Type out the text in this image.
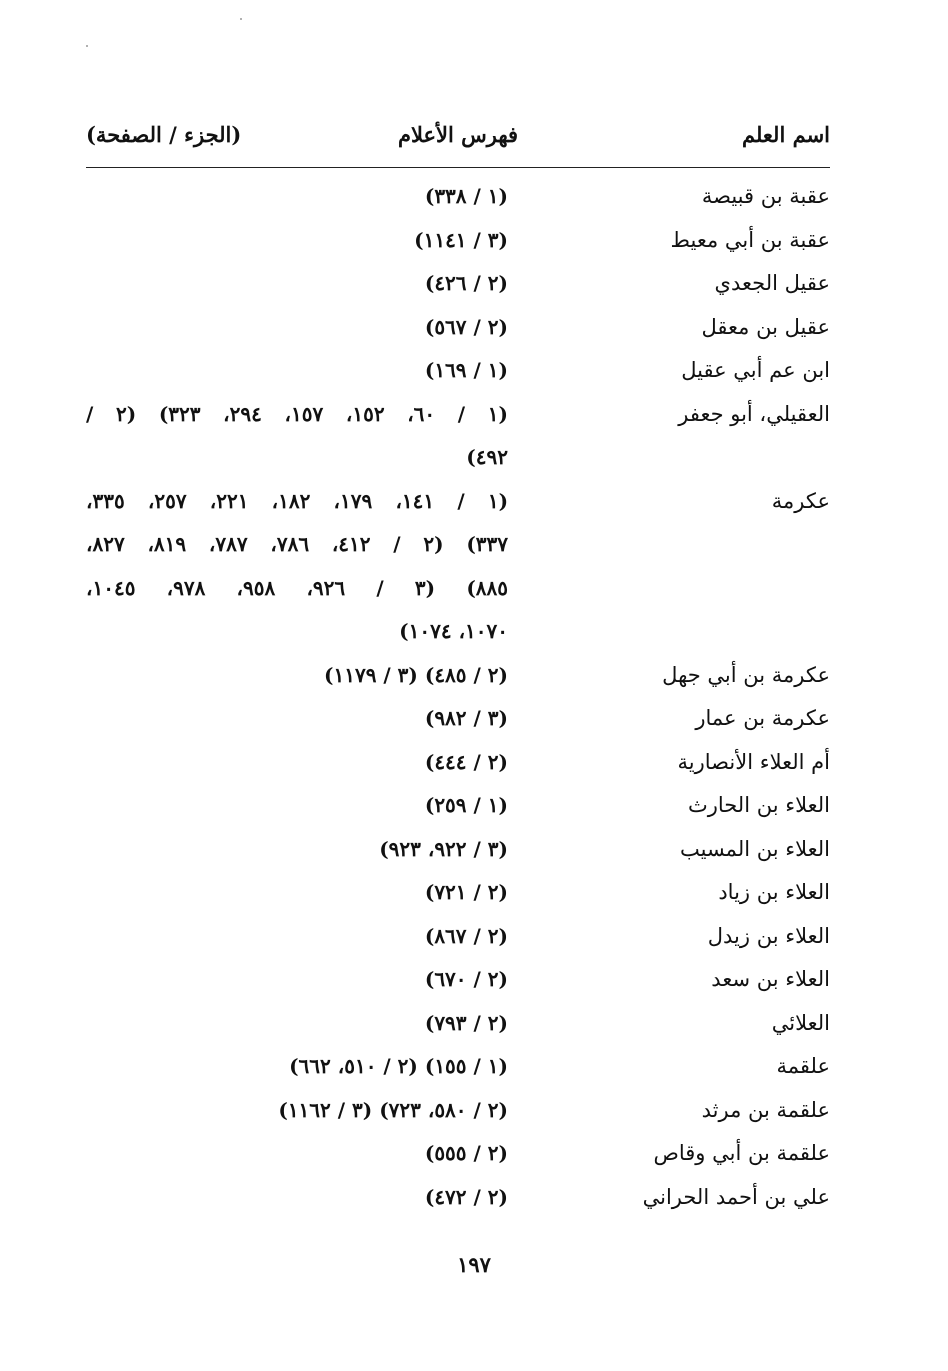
اسم العلم
فهرس الأعلام
(الجزء / الصفحة)
عقبة بن قبيصة
(١ / ٣٣٨)
عقبة بن أبي معيط
(٣ / ١١٤١)
عقيل الجعدي
(٢ / ٤٢٦)
عقيل بن معقل
(٢ / ٥٦٧)
ابن عم أبي عقيل
(١ / ١٦٩)
العقيلي، أبو جعفر
(١ / ٦٠، ١٥٢، ١٥٧، ٢٩٤، ٣٢٣) (٢ /
٤٩٢)
عكرمة
(١ / ١٤١، ١٧٩، ١٨٢، ٢٢١، ٢٥٧، ٣٣٥،
٣٣٧) (٢ / ٤١٢، ٧٨٦، ٧٨٧، ٨١٩، ٨٢٧،
٨٨٥) (٣ / ٩٢٦، ٩٥٨، ٩٧٨، ١٠٤٥،
١٠٧٠، ١٠٧٤)
عكرمة بن أبي جهل
(٢ / ٤٨٥) (٣ / ١١٧٩)
عكرمة بن عمار
(٣ / ٩٨٢)
أم العلاء الأنصارية
(٢ / ٤٤٤)
العلاء بن الحارث
(١ / ٢٥٩)
العلاء بن المسيب
(٣ / ٩٢٢، ٩٢٣)
العلاء بن زياد
(٢ / ٧٢١)
العلاء بن زيدل
(٢ / ٨٦٧)
العلاء بن سعد
(٢ / ٦٧٠)
العلائي
(٢ / ٧٩٣)
علقمة
(١ / ١٥٥) (٢ / ٥١٠، ٦٦٢)
علقمة بن مرثد
(٢ / ٥٨٠، ٧٢٣) (٣ / ١١٦٢)
علقمة بن أبي وقاص
(٢ / ٥٥٥)
علي بن أحمد الحراني
(٢ / ٤٧٢)
١٩٧
